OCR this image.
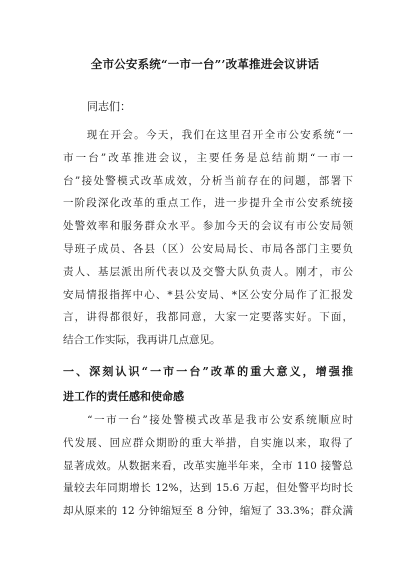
全市公安系统“一市一台”’改革推进会议讲话
同志们：
　　现在开会。今天，我们在这里召开全市公安系统“一
市一台”改革推进会议，主要任务是总结前期“一市一
台”接处警模式改革成效，分析当前存在的问题，部署下
一阶段深化改革的重点工作，进一步提升全市公安系统接
处警效率和服务群众水平。参加今天的会议有市公安局领
导班子成员、各县（区）公安局局长、市局各部门主要负
责人、基层派出所代表以及交警大队负责人。刚才，市公
安局情报指挥中心、*县公安局、*区公安分局作了汇报发
言，讲得都很好，我都同意，大家一定要落实好。下面，
结合工作实际，我再讲几点意见。
一、深刻认识“一市一台”改革的重大意义，增强推
进工作的责任感和使命感
　　“一市一台”接处警模式改革是我市公安系统顺应时
代发展、回应群众期盼的重大举措，自实施以来，取得了
显著成效。从数据来看，改革实施半年来，全市 110 接警总
量较去年同期增长 12%，达到 15.6 万起，但处警平均时长
却从原来的 12 分钟缩短至 8 分钟，缩短了 33.3%；群众满
